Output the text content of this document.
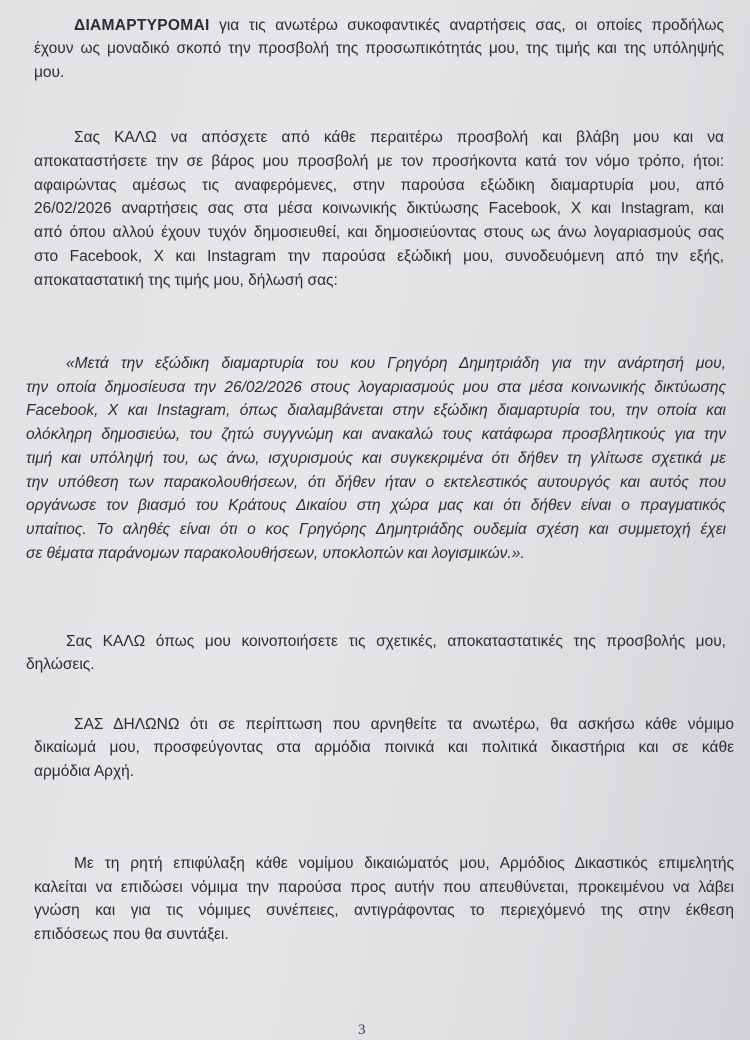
ΔΙΑΜΑΡΤΥΡΟΜΑΙ για τις ανωτέρω συκοφαντικές αναρτήσεις σας, οι οποίες προδήλως
έχουν ως μοναδικό σκοπό την προσβολή της προσωπικότητάς μου, της τιμής και της υπόληψής
μου.

Σας ΚΑΛΩ να απόσχετε από κάθε περαιτέρω προσβολή και βλάβη μου και να
αποκαταστήσετε την σε βάρος μου προσβολή με τον προσήκοντα κατά τον νόμο τρόπο, ήτοι:
αφαιρώντας αμέσως τις αναφερόμενες, στην παρούσα εξώδικη διαμαρτυρία μου, από
26/02/2026 αναρτήσεις σας στα μέσα κοινωνικής δικτύωσης Facebook, X και Instagram, και
από όπου αλλού έχουν τυχόν δημοσιευθεί, και δημοσιεύοντας στους ως άνω λογαριασμούς σας
στο Facebook, X και Instagram την παρούσα εξώδική μου, συνοδευόμενη από την εξής,
αποκαταστατική της τιμής μου, δήλωσή σας:

«Μετά την εξώδικη διαμαρτυρία του κου Γρηγόρη Δημητριάδη για την ανάρτησή μου,
την οποία δημοσίευσα την 26/02/2026 στους λογαριασμούς μου στα μέσα κοινωνικής δικτύωσης
Facebook, X και Instagram, όπως διαλαμβάνεται στην εξώδικη διαμαρτυρία του, την οποία και
ολόκληρη δημοσιεύω, του ζητώ συγγνώμη και ανακαλώ τους κατάφωρα προσβλητικούς για την
τιμή και υπόληψή του, ως άνω, ισχυρισμούς και συγκεκριμένα ότι δήθεν τη γλίτωσε σχετικά με
την υπόθεση των παρακολουθήσεων, ότι δήθεν ήταν ο εκτελεστικός αυτουργός και αυτός που
οργάνωσε τον βιασμό του Κράτους Δικαίου στη χώρα μας και ότι δήθεν είναι ο πραγματικός
υπαίτιος. Το αληθές είναι ότι ο κος Γρηγόρης Δημητριάδης ουδεμία σχέση και συμμετοχή έχει
σε θέματα παράνομων παρακολουθήσεων, υποκλοπών και λογισμικών.».

Σας ΚΑΛΩ όπως μου κοινοποιήσετε τις σχετικές, αποκαταστατικές της προσβολής μου,
δηλώσεις.

ΣΑΣ ΔΗΛΩΝΩ ότι σε περίπτωση που αρνηθείτε τα ανωτέρω, θα ασκήσω κάθε νόμιμο
δικαίωμά μου, προσφεύγοντας στα αρμόδια ποινικά και πολιτικά δικαστήρια και σε κάθε
αρμόδια Αρχή.

Με τη ρητή επιφύλαξη κάθε νομίμου δικαιώματός μου, Αρμόδιος Δικαστικός επιμελητής
καλείται να επιδώσει νόμιμα την παρούσα προς αυτήν που απευθύνεται, προκειμένου να λάβει
γνώση και για τις νόμιμες συνέπειες, αντιγράφοντας το περιεχόμενό της στην έκθεση
επιδόσεως που θα συντάξει.

3
